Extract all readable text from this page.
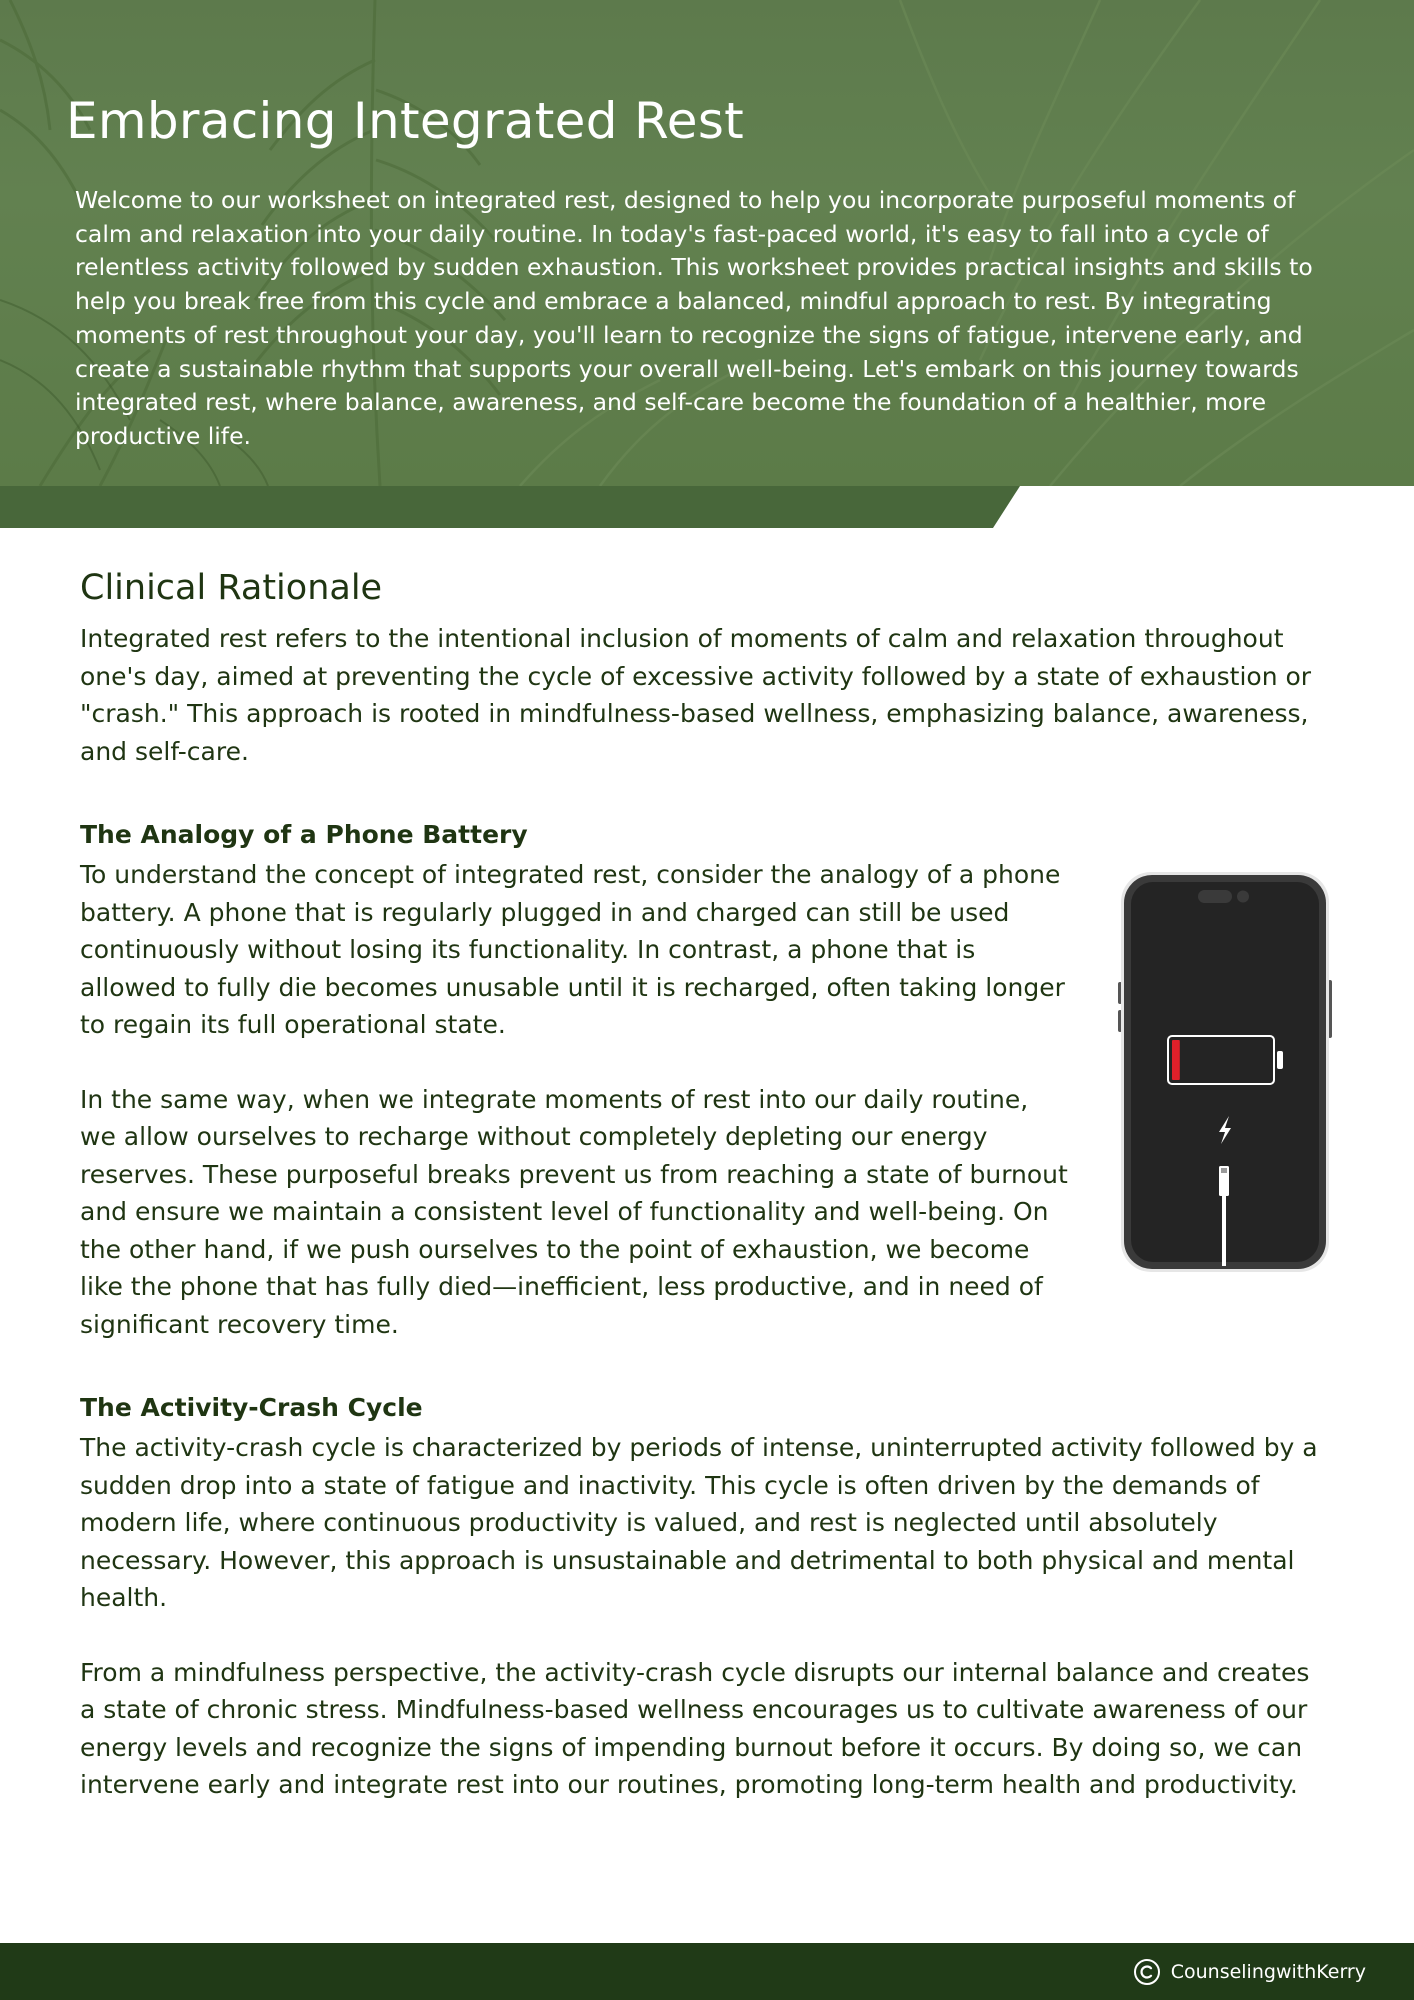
Embracing Integrated Rest

Welcome to our worksheet on integrated rest, designed to help you incorporate purposeful moments of calm and relaxation into your daily routine. In today's fast-paced world, it's easy to fall into a cycle of relentless activity followed by sudden exhaustion. This worksheet provides practical insights and skills to help you break free from this cycle and embrace a balanced, mindful approach to rest. By integrating moments of rest throughout your day, you'll learn to recognize the signs of fatigue, intervene early, and create a sustainable rhythm that supports your overall well-being. Let's embark on this journey towards integrated rest, where balance, awareness, and self-care become the foundation of a healthier, more productive life.

Clinical Rationale

Integrated rest refers to the intentional inclusion of moments of calm and relaxation throughout one's day, aimed at preventing the cycle of excessive activity followed by a state of exhaustion or "crash." This approach is rooted in mindfulness-based wellness, emphasizing balance, awareness, and self-care.

The Analogy of a Phone Battery

To understand the concept of integrated rest, consider the analogy of a phone battery. A phone that is regularly plugged in and charged can still be used continuously without losing its functionality. In contrast, a phone that is allowed to fully die becomes unusable until it is recharged, often taking longer to regain its full operational state.

In the same way, when we integrate moments of rest into our daily routine, we allow ourselves to recharge without completely depleting our energy reserves. These purposeful breaks prevent us from reaching a state of burnout and ensure we maintain a consistent level of functionality and well-being. On the other hand, if we push ourselves to the point of exhaustion, we become like the phone that has fully died—inefficient, less productive, and in need of significant recovery time.

The Activity-Crash Cycle

The activity-crash cycle is characterized by periods of intense, uninterrupted activity followed by a sudden drop into a state of fatigue and inactivity. This cycle is often driven by the demands of modern life, where continuous productivity is valued, and rest is neglected until absolutely necessary. However, this approach is unsustainable and detrimental to both physical and mental health.

From a mindfulness perspective, the activity-crash cycle disrupts our internal balance and creates a state of chronic stress. Mindfulness-based wellness encourages us to cultivate awareness of our energy levels and recognize the signs of impending burnout before it occurs. By doing so, we can intervene early and integrate rest into our routines, promoting long-term health and productivity.

CounselingwithKerry
